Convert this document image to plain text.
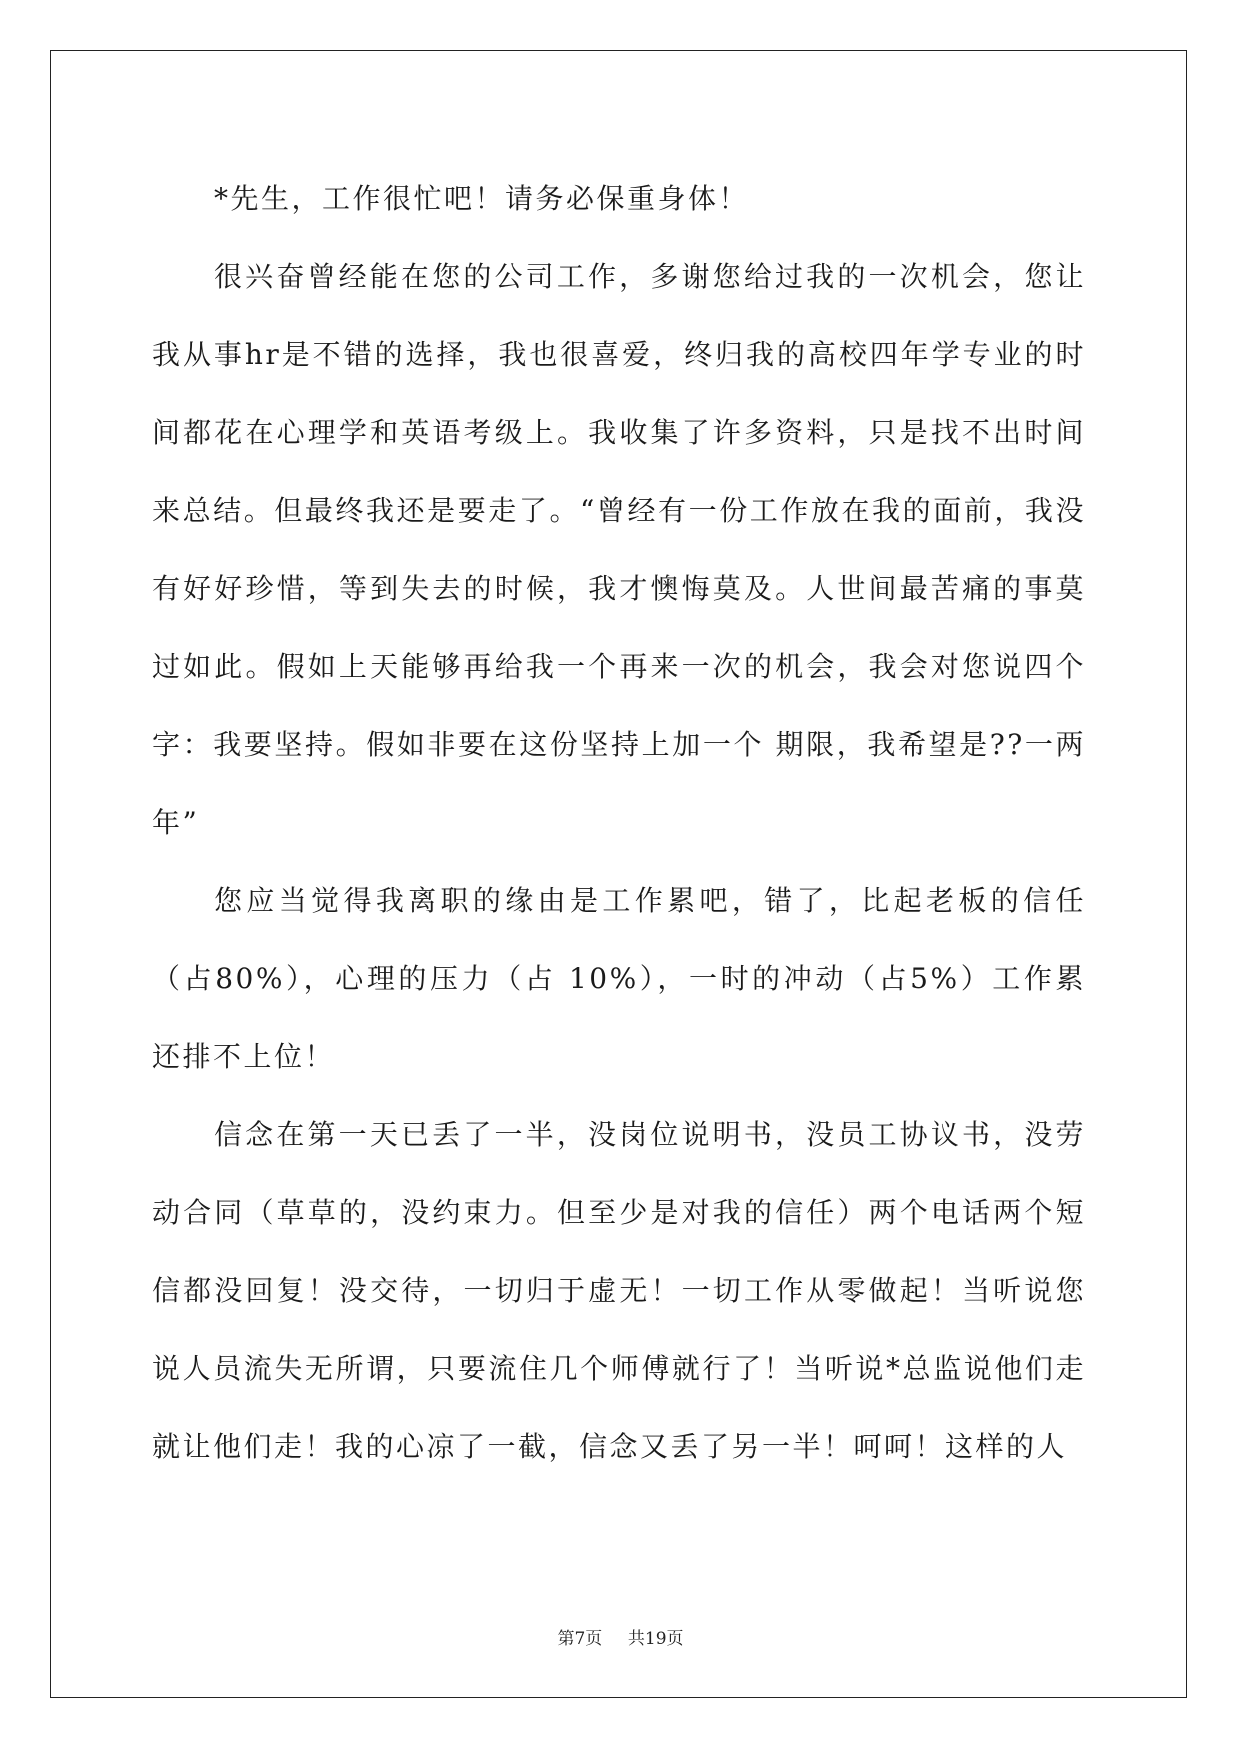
*先生，工作很忙吧！请务必保重身体！

很兴奋曾经能在您的公司工作，多谢您给过我的一次机会，您让我从事hr是不错的选择，我也很喜爱，终归我的高校四年学专业的时间都花在心理学和英语考级上。我收集了许多资料，只是找不出时间来总结。但最终我还是要走了。“曾经有一份工作放在我的面前，我没有好好珍惜，等到失去的时候，我才懊悔莫及。人世间最苦痛的事莫过如此。假如上天能够再给我一个再来一次的机会，我会对您说四个字：我要坚持。假如非要在这份坚持上加一个 期限，我希望是??一两年”

您应当觉得我离职的缘由是工作累吧，错了，比起老板的信任（占80%），心理的压力（占 10%），一时的冲动（占5%）工作累还排不上位！

信念在第一天已丢了一半，没岗位说明书，没员工协议书，没劳动合同（草草的，没约束力。但至少是对我的信任）两个电话两个短信都没回复！没交待，一切归于虚无！一切工作从零做起！当听说您说人员流失无所谓，只要流住几个师傅就行了！当听说*总监说他们走就让他们走！我的心凉了一截，信念又丢了另一半！呵呵！这样的人

第7页 共19页
